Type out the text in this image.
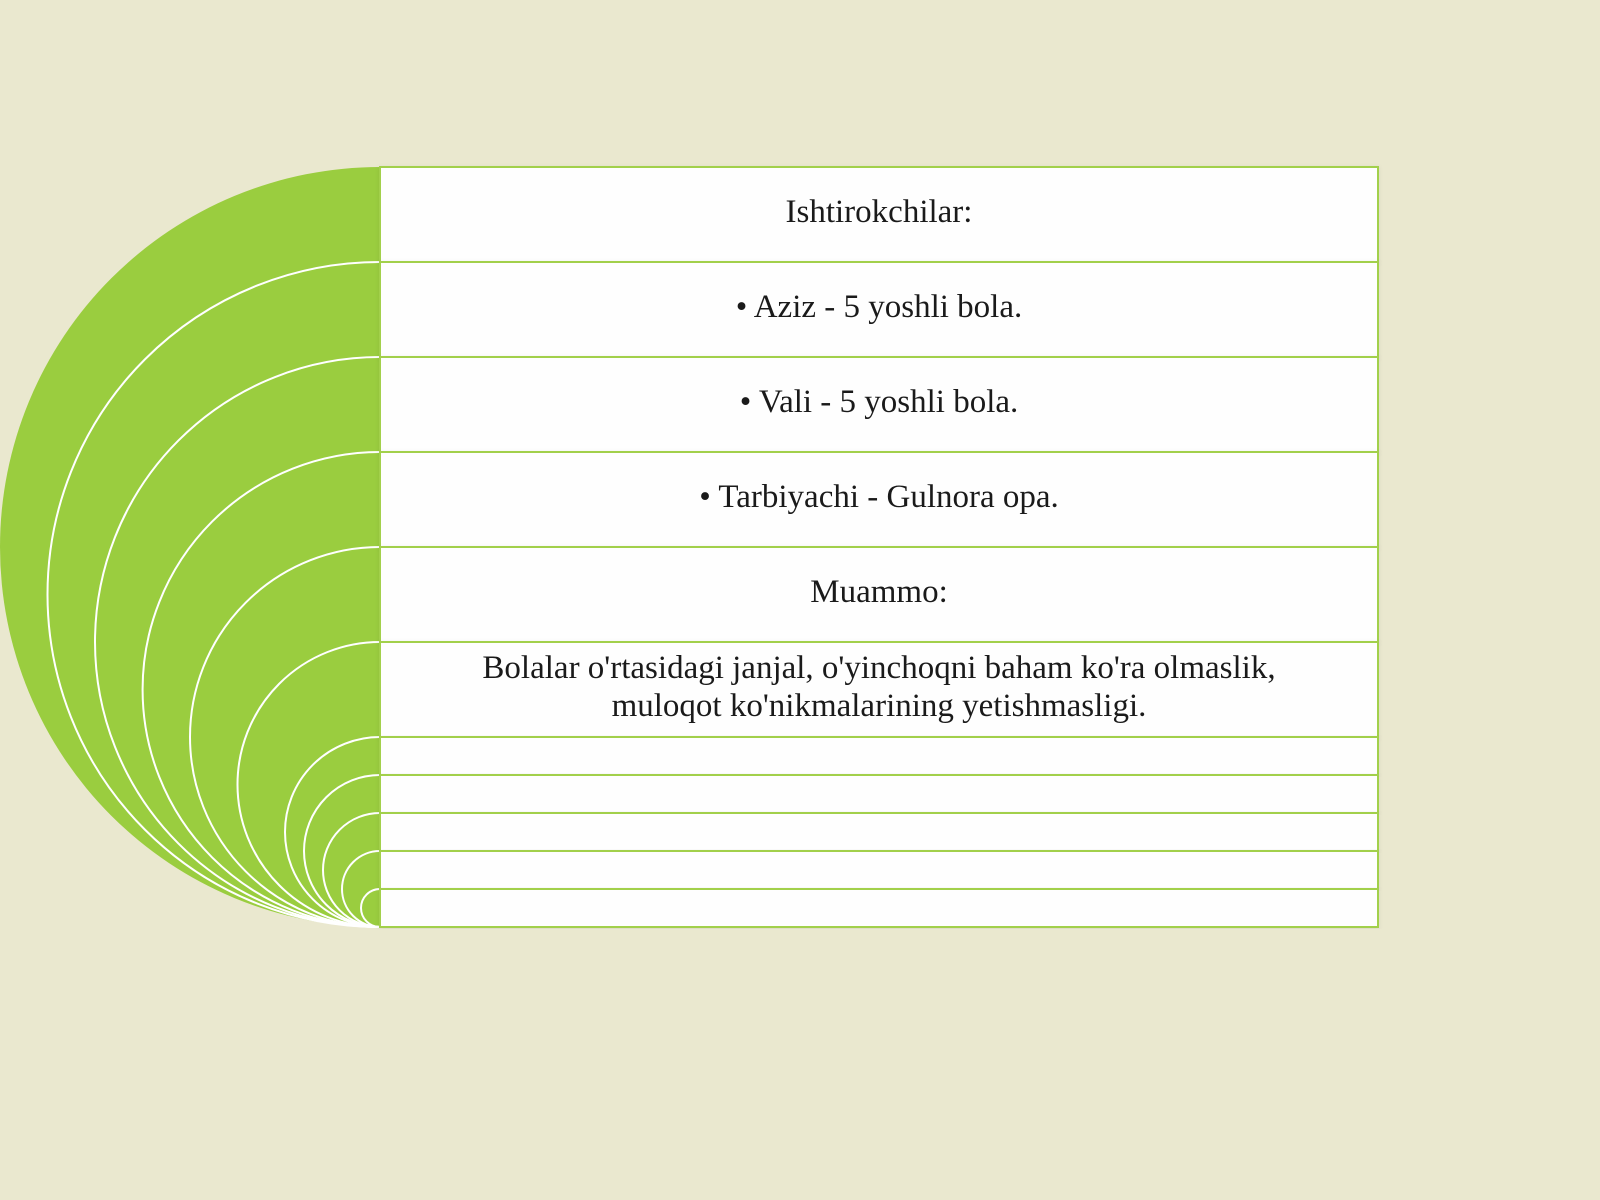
Ishtirokchilar:
• Aziz - 5 yoshli bola.
• Vali - 5 yoshli bola.
• Tarbiyachi - Gulnora opa.
Muammo:
Bolalar o'rtasidagi janjal, o'yinchoqni baham ko'ra olmaslik,
muloqot ko'nikmalarining yetishmasligi.
